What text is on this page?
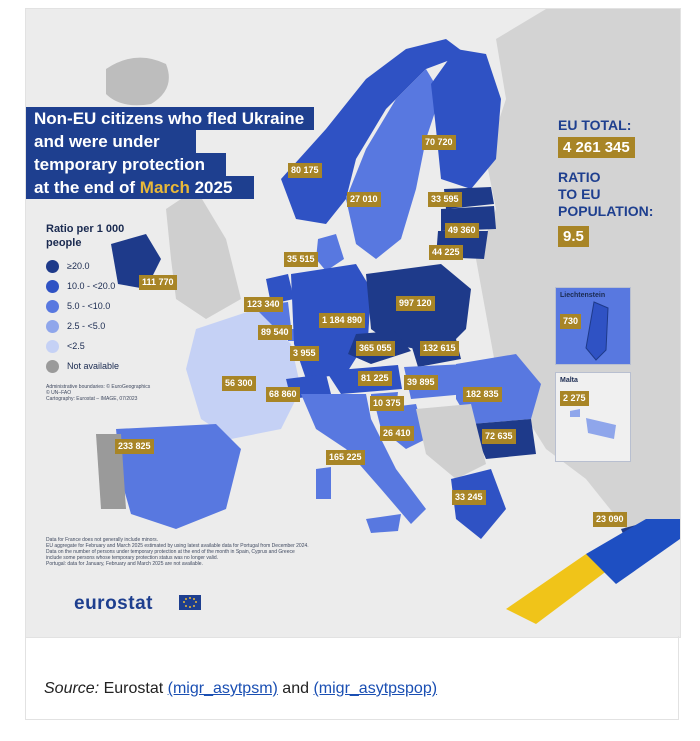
Non-EU citizens who fled Ukraine
and were under
temporary protection
at the end of March 2025
Ratio per 1 000 people
≥20.0
10.0 - <20.0
5.0 - <10.0
2.5 - <5.0
<2.5
Not available
Administrative boundaries: © EuroGeographics
© UN–FAO
Cartography: Eurostat – IMAGE, 07/2023
Data for France does not generally include minors.
EU aggregate for February and March 2025 estimated by using latest available data for Portugal from December 2024.
Data on the number of persons under temporary protection at the end of the month in Spain, Cyprus and Greece
include some persons whose temporary protection status was no longer valid.
Portugal: data for January, February and March 2025 are not available.
70 720
80 175
27 010	33 595
49 360
44 225
35 515
111 770
123 340
89 540
3 955
1 184 890
997 120
365 055	132 615
81 225	39 895
10 375
26 410
182 835
72 635
56 300
68 860
165 225
233 825
33 245
23 090
EU TOTAL:
4 261 345
RATIO
TO EU
POPULATION:
9.5
Liechtenstein
730
Malta
2 275
eurostat
Source: Eurostat (migr_asytpsm) and (migr_asytpspop)
